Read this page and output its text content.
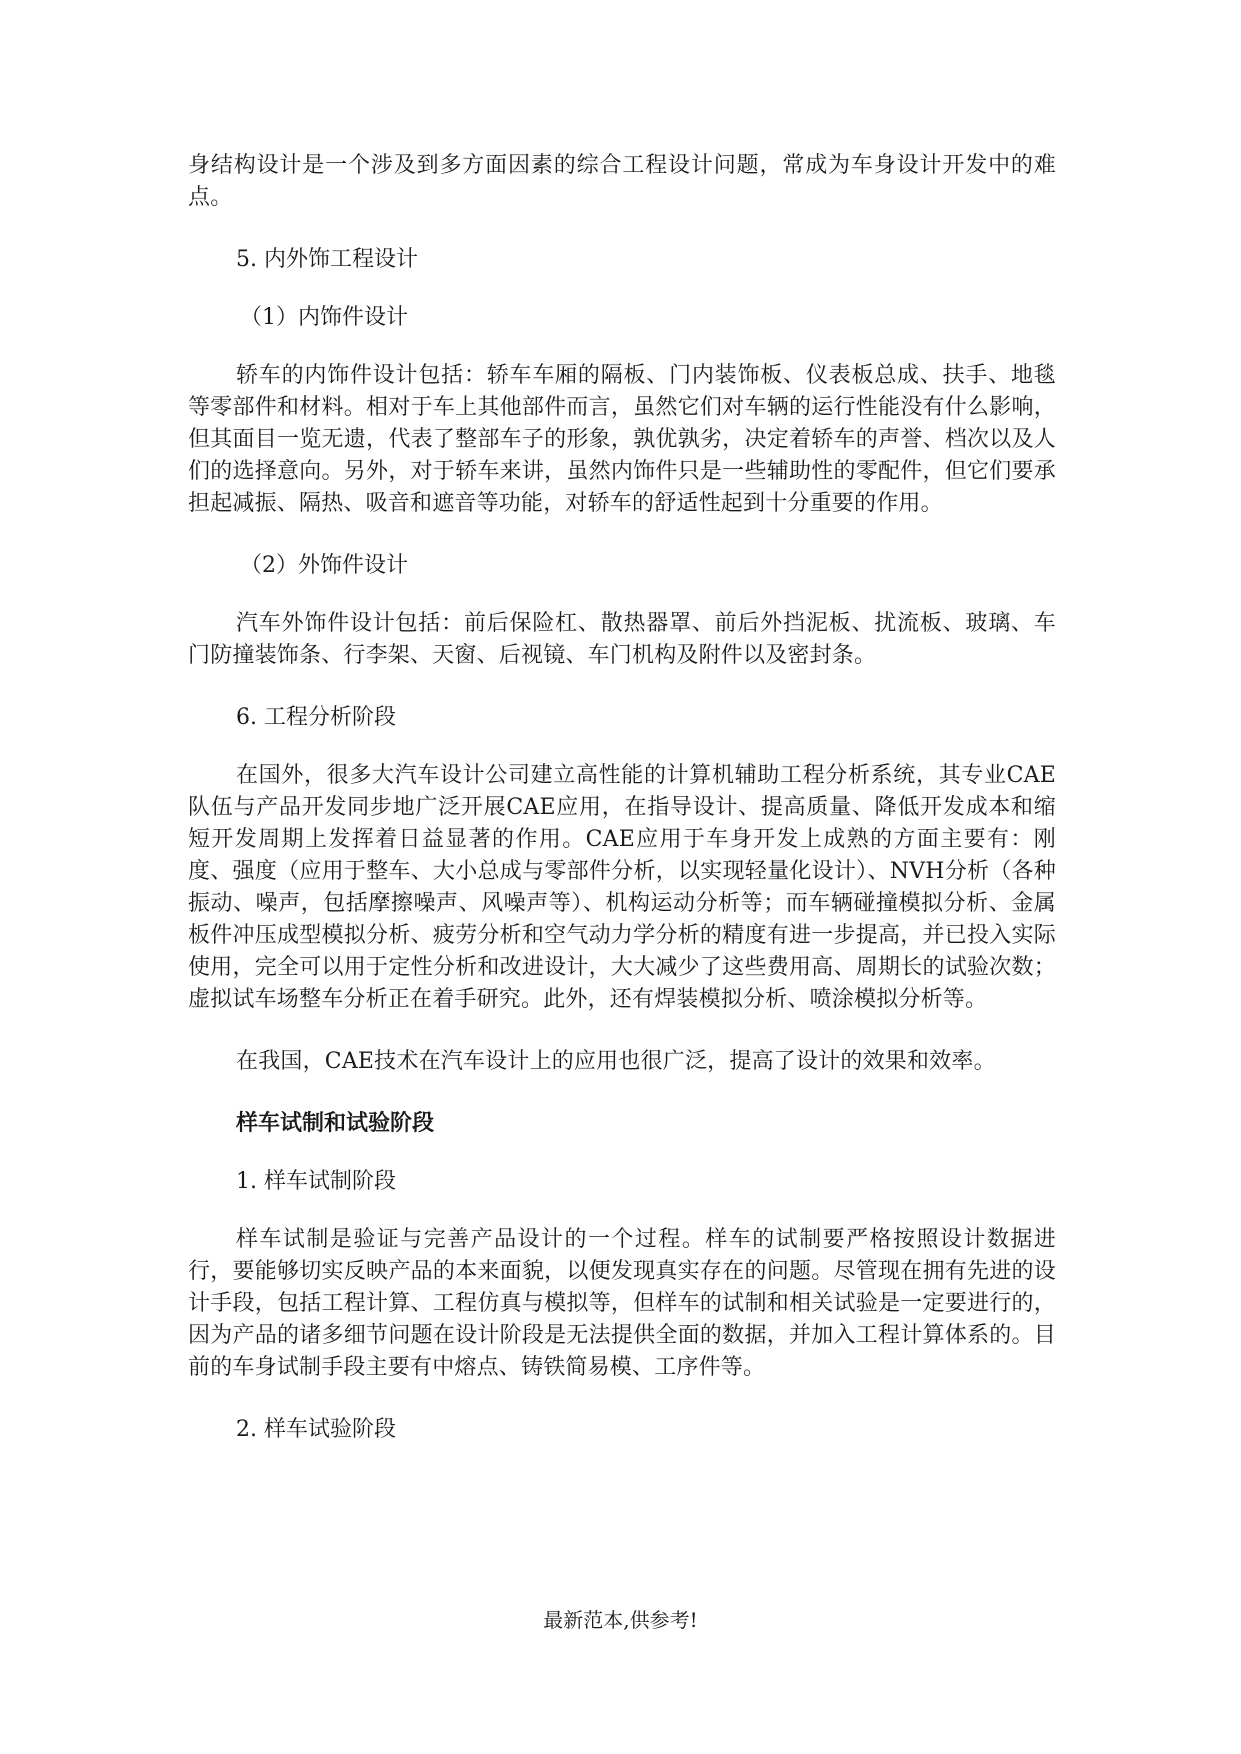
身结构设计是一个涉及到多方面因素的综合工程设计问题，常成为车身设计开发中的难点。

5. 内外饰工程设计

（1）内饰件设计

轿车的内饰件设计包括：轿车车厢的隔板、门内装饰板、仪表板总成、扶手、地毯等零部件和材料。相对于车上其他部件而言，虽然它们对车辆的运行性能没有什么影响，但其面目一览无遗，代表了整部车子的形象，孰优孰劣，决定着轿车的声誉、档次以及人们的选择意向。另外，对于轿车来讲，虽然内饰件只是一些辅助性的零配件，但它们要承担起减振、隔热、吸音和遮音等功能，对轿车的舒适性起到十分重要的作用。

（2）外饰件设计

汽车外饰件设计包括：前后保险杠、散热器罩、前后外挡泥板、扰流板、玻璃、车门防撞装饰条、行李架、天窗、后视镜、车门机构及附件以及密封条。

6. 工程分析阶段

在国外，很多大汽车设计公司建立高性能的计算机辅助工程分析系统，其专业CAE队伍与产品开发同步地广泛开展CAE应用，在指导设计、提高质量、降低开发成本和缩短开发周期上发挥着日益显著的作用。CAE应用于车身开发上成熟的方面主要有：刚度、强度（应用于整车、大小总成与零部件分析，以实现轻量化设计）、NVH分析（各种振动、噪声，包括摩擦噪声、风噪声等）、机构运动分析等；而车辆碰撞模拟分析、金属板件冲压成型模拟分析、疲劳分析和空气动力学分析的精度有进一步提高，并已投入实际使用，完全可以用于定性分析和改进设计，大大减少了这些费用高、周期长的试验次数；虚拟试车场整车分析正在着手研究。此外，还有焊装模拟分析、喷涂模拟分析等。

在我国，CAE技术在汽车设计上的应用也很广泛，提高了设计的效果和效率。

样车试制和试验阶段

1. 样车试制阶段

样车试制是验证与完善产品设计的一个过程。样车的试制要严格按照设计数据进行，要能够切实反映产品的本来面貌，以便发现真实存在的问题。尽管现在拥有先进的设计手段，包括工程计算、工程仿真与模拟等，但样车的试制和相关试验是一定要进行的，因为产品的诸多细节问题在设计阶段是无法提供全面的数据，并加入工程计算体系的。目前的车身试制手段主要有中熔点、铸铁简易模、工序件等。

2. 样车试验阶段

最新范本,供参考!
